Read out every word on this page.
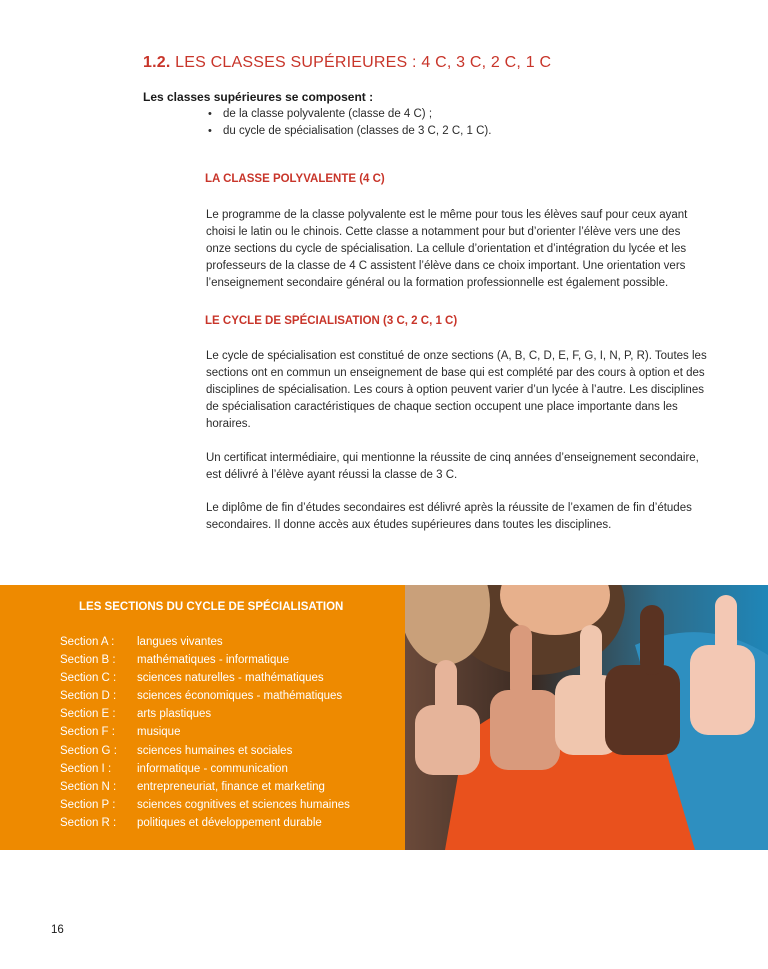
1.2. LES CLASSES SUPÉRIEURES : 4 C, 3 C, 2 C, 1 C
Les classes supérieures se composent :
• de la classe polyvalente (classe de 4 C) ;
• du cycle de spécialisation (classes de 3 C, 2 C, 1 C).
LA CLASSE POLYVALENTE (4 C)
Le programme de la classe polyvalente est le même pour tous les élèves sauf pour ceux ayant
choisi le latin ou le chinois. Cette classe a notamment pour but d’orienter l’élève vers une des
onze sections du cycle de spécialisation. La cellule d’orientation et d’intégration du lycée et les
professeurs de la classe de 4 C assistent l’élève dans ce choix important. Une orientation vers
l’enseignement secondaire général ou la formation professionnelle est également possible.
LE CYCLE DE SPÉCIALISATION (3 C, 2 C, 1 C)
Le cycle de spécialisation est constitué de onze sections (A, B, C, D, E, F, G, I, N, P, R). Toutes les
sections ont en commun un enseignement de base qui est complété par des cours à option et des
disciplines de spécialisation. Les cours à option peuvent varier d’un lycée à l’autre. Les disciplines
de spécialisation caractéristiques de chaque section occupent une place importante dans les
horaires.
Un certificat intermédiaire, qui mentionne la réussite de cinq années d’enseignement secondaire,
est délivré à l’élève ayant réussi la classe de 3 C.
Le diplôme de fin d’études secondaires est délivré après la réussite de l’examen de fin d’études
secondaires. Il donne accès aux études supérieures dans toutes les disciplines.
LES SECTIONS DU CYCLE DE SPÉCIALISATION
Section A : langues vivantes
Section B : mathématiques - informatique
Section C : sciences naturelles - mathématiques
Section D : sciences économiques - mathématiques
Section E : arts plastiques
Section F : musique
Section G : sciences humaines et sociales
Section I : informatique - communication
Section N : entrepreneuriat, finance et marketing
Section P : sciences cognitives et sciences humaines
Section R : politiques et développement durable
16
